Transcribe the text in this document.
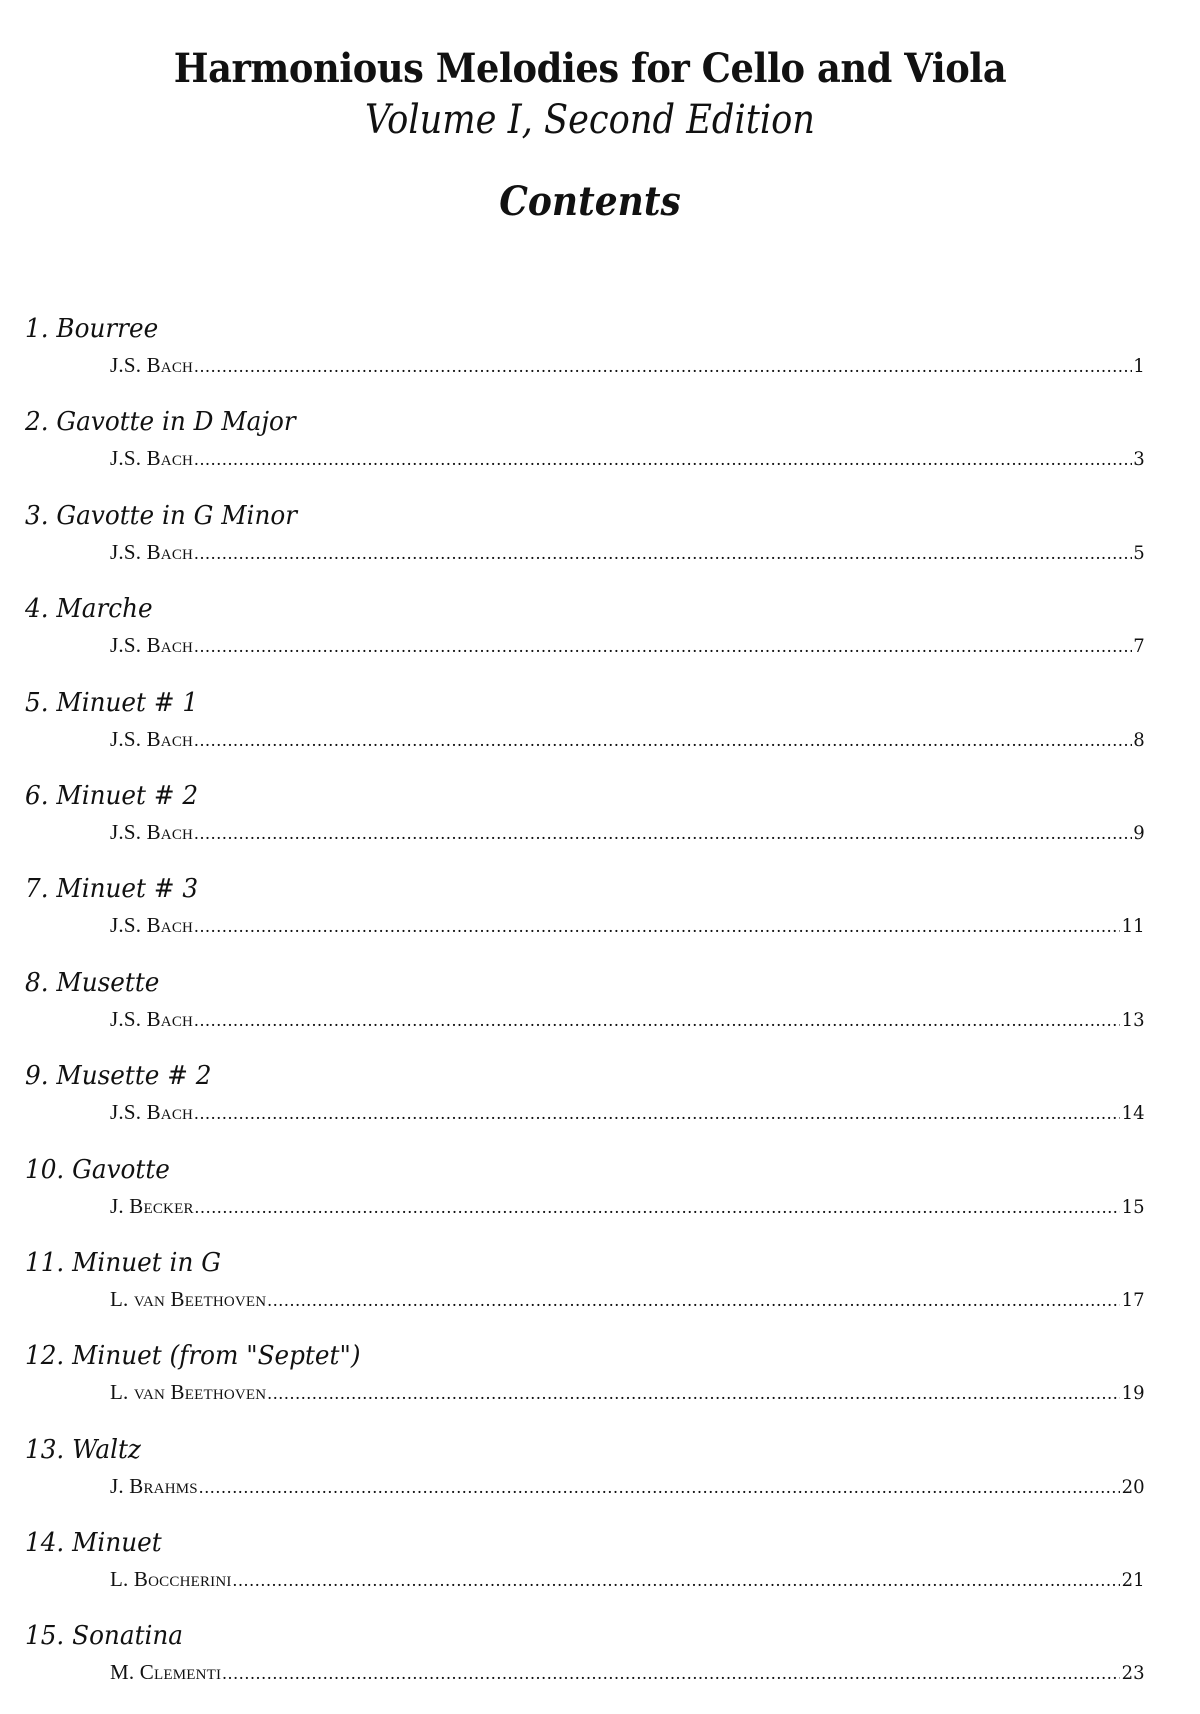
Harmonious Melodies for Cello and Viola
Volume I, Second Edition
Contents
1. Bourree
J.S. Bach .....	1
2. Gavotte in D Major
J.S. Bach .....	3
3. Gavotte in G Minor
J.S. Bach .....	5
4. Marche
J.S. Bach .....	7
5. Minuet # 1
J.S. Bach .....	8
6. Minuet # 2
J.S. Bach .....	9
7. Minuet # 3
J.S. Bach .....	11
8. Musette
J.S. Bach .....	13
9. Musette # 2
J.S. Bach .....	14
10. Gavotte
J. Becker .....	15
11. Minuet in G
L. van Beethoven .....	17
12. Minuet (from "Septet")
L. van Beethoven .....	19
13. Waltz
J. Brahms .....	20
14. Minuet
L. Boccherini .....	21
15. Sonatina
M. Clementi .....	23
